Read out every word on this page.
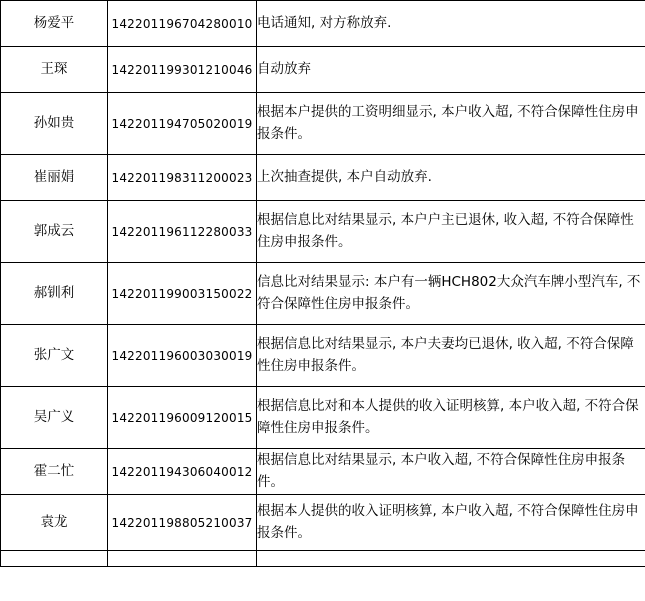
杨爱平	142201196704280010	电话通知, 对方称放弃.
王琛	142201199301210046	自动放弃
孙如贵	142201194705020019	根据本户提供的工资明细显示, 本户收入超, 不符合保障性住房申报条件。
崔丽娟	142201198311200023	上次抽查提供, 本户自动放弃.
郭成云	142201196112280033	根据信息比对结果显示, 本户户主已退休, 收入超, 不符合保障性住房申报条件。
郝钏利	142201199003150022	信息比对结果显示: 本户有一辆HCH802大众汽车牌小型汽车, 不符合保障性住房申报条件。
张广文	142201196003030019	根据信息比对结果显示, 本户夫妻均已退休, 收入超, 不符合保障性住房申报条件。
吴广义	142201196009120015	根据信息比对和本人提供的收入证明核算, 本户收入超, 不符合保障性住房申报条件。
霍二忙	142201194306040012	根据信息比对结果显示, 本户收入超, 不符合保障性住房申报条件。
袁龙	142201198805210037	根据本人提供的收入证明核算, 本户收入超, 不符合保障性住房申报条件。
